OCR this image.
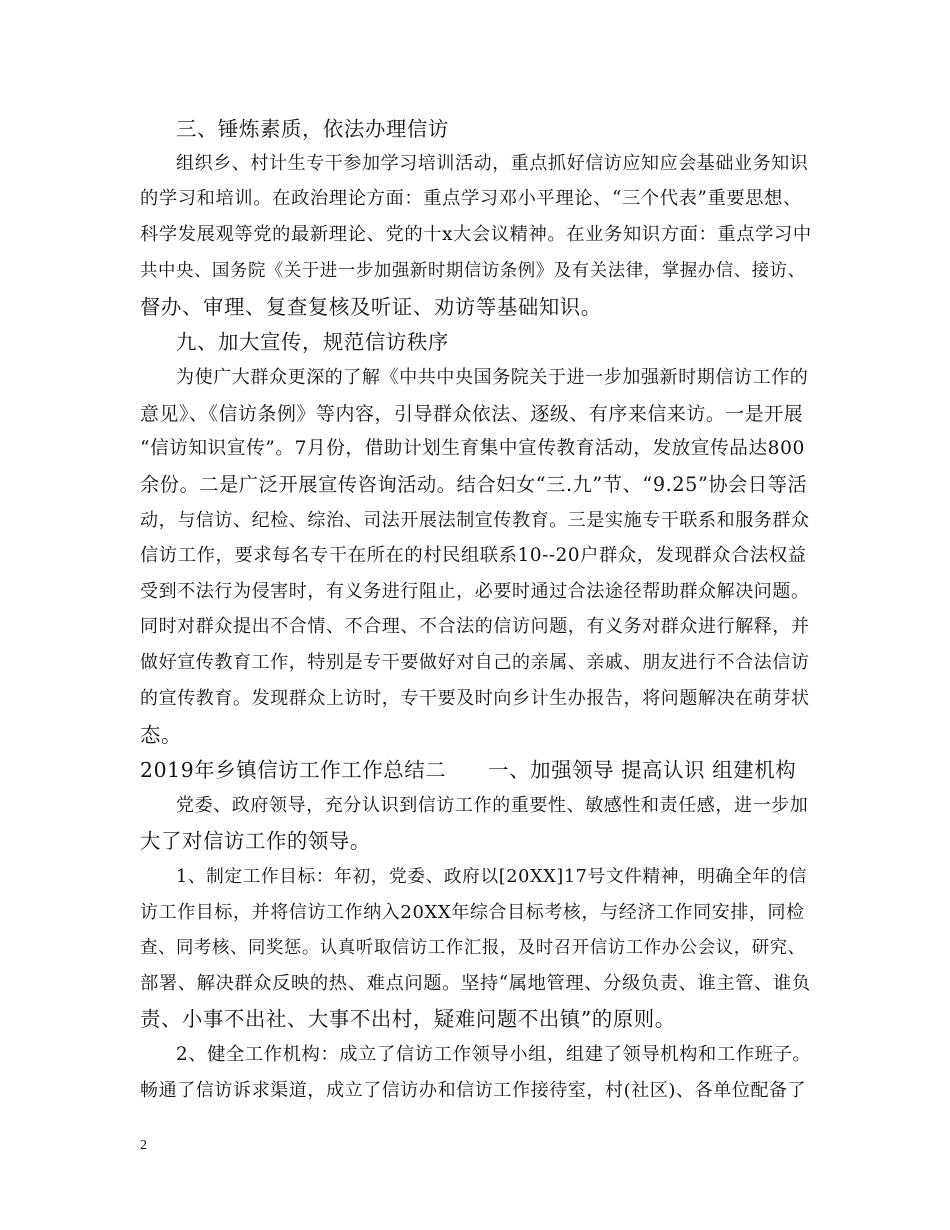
三、锤炼素质，依法办理信访
组织乡、村计生专干参加学习培训活动，重点抓好信访应知应会基础业务知识
的学习和培训。在政治理论方面：重点学习邓小平理论、“三个代表”重要思想、
科学发展观等党的最新理论、党的十x大会议精神。在业务知识方面：重点学习中
共中央、国务院《关于进一步加强新时期信访条例》及有关法律，掌握办信、接访、
督办、审理、复查复核及听证、劝访等基础知识。
九、加大宣传，规范信访秩序
为使广大群众更深的了解《中共中央国务院关于进一步加强新时期信访工作的
意见》、《信访条例》等内容，引导群众依法、逐级、有序来信来访。一是开展
“信访知识宣传”。7月份，借助计划生育集中宣传教育活动，发放宣传品达800
余份。二是广泛开展宣传咨询活动。结合妇女“三.九”节、“9.25”协会日等活
动，与信访、纪检、综治、司法开展法制宣传教育。三是实施专干联系和服务群众
信访工作，要求每名专干在所在的村民组联系10--20户群众，发现群众合法权益
受到不法行为侵害时，有义务进行阻止，必要时通过合法途径帮助群众解决问题。
同时对群众提出不合情、不合理、不合法的信访问题，有义务对群众进行解释，并
做好宣传教育工作，特别是专干要做好对自己的亲属、亲戚、朋友进行不合法信访
的宣传教育。发现群众上访时，专干要及时向乡计生办报告，将问题解决在萌芽状
态。
2019年乡镇信访工作工作总结二　　一、加强领导 提高认识 组建机构
党委、政府领导，充分认识到信访工作的重要性、敏感性和责任感，进一步加
大了对信访工作的领导。
1、制定工作目标：年初，党委、政府以[20XX]17号文件精神，明确全年的信
访工作目标，并将信访工作纳入20XX年综合目标考核，与经济工作同安排，同检
查、同考核、同奖惩。认真听取信访工作汇报，及时召开信访工作办公会议，研究、
部署、解决群众反映的热、难点问题。坚持“属地管理、分级负责、谁主管、谁负
责、小事不出社、大事不出村，疑难问题不出镇”的原则。
2、健全工作机构：成立了信访工作领导小组，组建了领导机构和工作班子。
畅通了信访诉求渠道，成立了信访办和信访工作接待室，村(社区)、各单位配备了
2
